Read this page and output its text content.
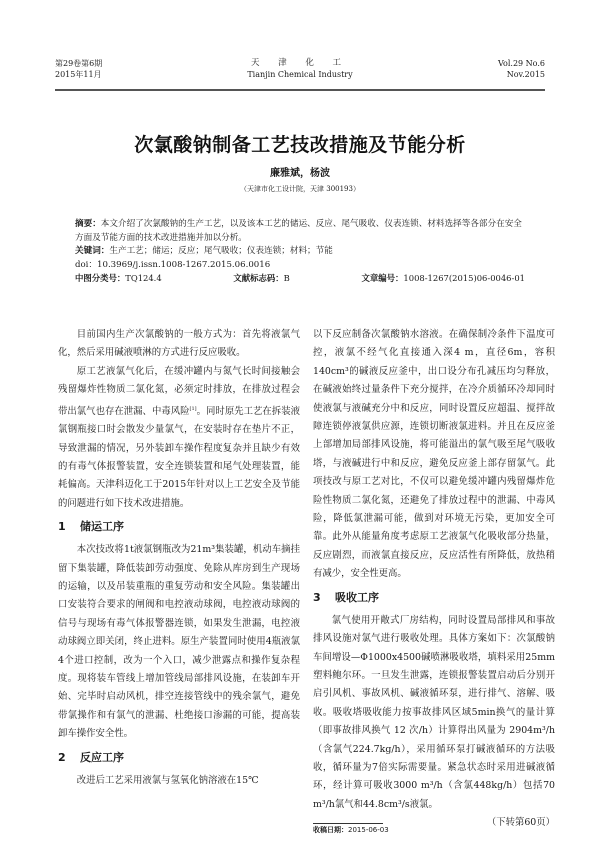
第29卷第6期
2015年11月
天 津 化 工
Tianjin Chemical Industry
Vol.29 No.6
Nov.2015
次氯酸钠制备工艺技改措施及节能分析
廉雅斌，杨波
（天津市化工设计院，天津 300193）
摘要：本文介绍了次氯酸钠的生产工艺，以及该本工艺的储运、反应、尾气吸收、仪表连锁、材料选择等各部分在安全方面及节能方面的技术改进措施并加以分析。
关键词：生产工艺；储运；反应；尾气吸收；仪表连锁；材料；节能
doi：10.3969/j.issn.1008-1267.2015.06.0016
中图分类号：TQ124.4	文献标志码：B	文章编号：1008-1267(2015)06-0046-01

目前国内生产次氯酸钠的一般方式为：首先将液氯气化，然后采用碱液喷淋的方式进行反应吸收。

原工艺液氯气化后，在缓冲罐内与氮气长时间接触会残留爆炸性物质二氯化氮，必须定时排放，在排放过程会带出氯气也存在泄漏、中毒风险[1]。同时原先工艺在拆装液氯钢瓶接口时会散发少量氯气，在安装时存在垫片不正，导致泄漏的情况，另外装卸车操作程度复杂并且缺少有效的有毒气体报警装置，安全连锁装置和尾气处理装置，能耗偏高。天津科迈化工于2015年针对以上工艺安全及节能的问题进行如下技术改进措施。

1 储运工序

本次技改将1t液氯钢瓶改为21m³集装罐，机动车摘挂留下集装罐，降低装卸劳动强度、免除从库房到生产现场的运输，以及吊装重瓶的重复劳动和安全风险。集装罐出口安装符合要求的闸阀和电控液动球阀，电控液动球阀的信号与现场有毒气体报警器连锁，如果发生泄漏，电控液动球阀立即关闭，终止进料。原生产装置同时使用4瓶液氯4个进口控制，改为一个入口，减少泄露点和操作复杂程度。现将装车管线上增加管线局部排风设施，在装卸车开始、完毕时启动风机，排空连接管线中的残余氯气，避免带氯操作和有氯气的泄漏、杜绝接口渗漏的可能，提高装卸车操作安全性。

2 反应工序

改进后工艺采用液氯与氢氧化钠溶液在15℃

以下反应制备次氯酸钠水溶液。在确保制冷条件下温度可控，液氯不经气化直接通入深4 m，直径6m，容积140cm³的碱液反应釜中，出口设分布孔减压均匀释放，在碱液始终过量条件下充分搅拌，在冷介质循环冷却同时使液氯与液碱充分中和反应，同时设置反应超温、搅拌故障连锁停液氯供应源，连锁切断液氯进料。并且在反应釜上部增加局部排风设施，将可能溢出的氯气吸至尾气吸收塔，与液碱进行中和反应，避免反应釜上部存留氯气。此项技改与原工艺对比，不仅可以避免缓冲罐内残留爆炸危险性物质二氯化氮，还避免了排放过程中的泄漏、中毒风险，降低氯泄漏可能，做到对环境无污染，更加安全可靠。此外从能量角度考虑原工艺液氯气化吸收部分热量，反应剧烈，而液氯直接反应，反应活性有所降低，放热稍有减少，安全性更高。

3 吸收工序

氯气使用开敞式厂房结构，同时设置局部排风和事故排风设施对氯气进行吸收处理。具体方案如下：次氯酸钠车间增设—Φ1000x4500碱喷淋吸收塔，填料采用25mm塑料鲍尔环。一旦发生泄露，连锁报警装置启动后分别开启引风机、事故风机、碱液循环泵，进行排气、溶解、吸收。吸收塔吸收能力按事故排风区域5min换气的量计算（即事故排风换气 12 次/h）计算得出风量为 2904m³/h（含氯气224.7kg/h），采用循环泵打碱液循环的方法吸收，循环量为7倍实际需要量。紧急状态时采用进碱液循环，经计算可吸收3000 m³/h（含氯448kg/h）包括70 m³/h氯气和44.8cm³/s液氯。

（下转第60页）
收稿日期：2015-06-03
